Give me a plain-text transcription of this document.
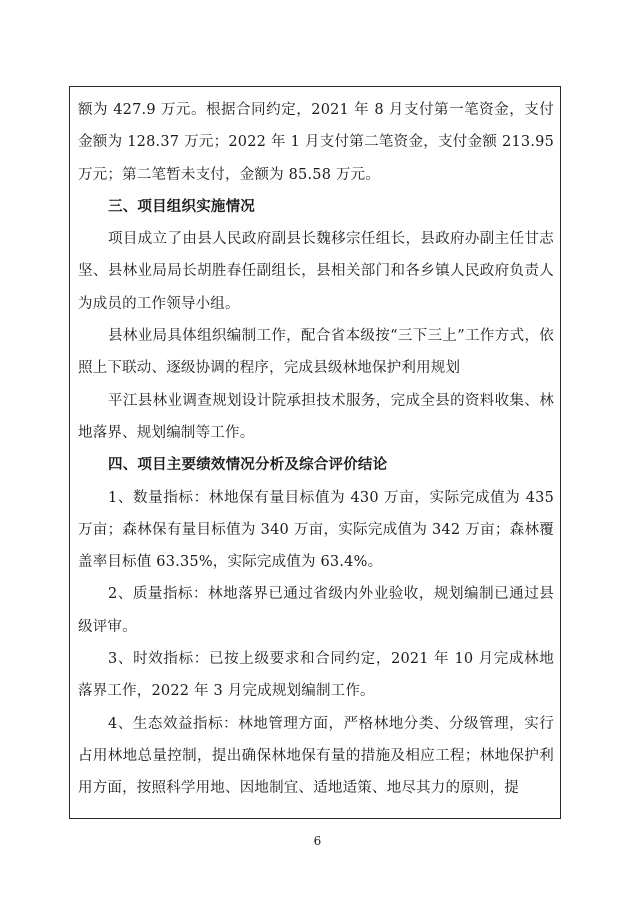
额为 427.9 万元。根据合同约定，2021 年 8 月支付第一笔资金，支付金额为 128.37 万元；2022 年 1 月支付第二笔资金，支付金额 213.95 万元；第二笔暂未支付，金额为 85.58 万元。

三、项目组织实施情况

项目成立了由县人民政府副县长魏移宗任组长，县政府办副主任甘志坚、县林业局局长胡胜春任副组长，县相关部门和各乡镇人民政府负责人为成员的工作领导小组。

县林业局具体组织编制工作，配合省本级按“三下三上”工作方式，依照上下联动、逐级协调的程序，完成县级林地保护利用规划

平江县林业调查规划设计院承担技术服务，完成全县的资料收集、林地落界、规划编制等工作。

四、项目主要绩效情况分析及综合评价结论

1、数量指标：林地保有量目标值为 430 万亩，实际完成值为 435 万亩；森林保有量目标值为 340 万亩，实际完成值为 342 万亩；森林覆盖率目标值 63.35%，实际完成值为 63.4%。

2、质量指标：林地落界已通过省级内外业验收，规划编制已通过县级评审。

3、时效指标：已按上级要求和合同约定，2021 年 10 月完成林地落界工作，2022 年 3 月完成规划编制工作。

4、生态效益指标：林地管理方面，严格林地分类、分级管理，实行占用林地总量控制，提出确保林地保有量的措施及相应工程；林地保护利用方面，按照科学用地、因地制宜、适地适策、地尽其力的原则，提

6
